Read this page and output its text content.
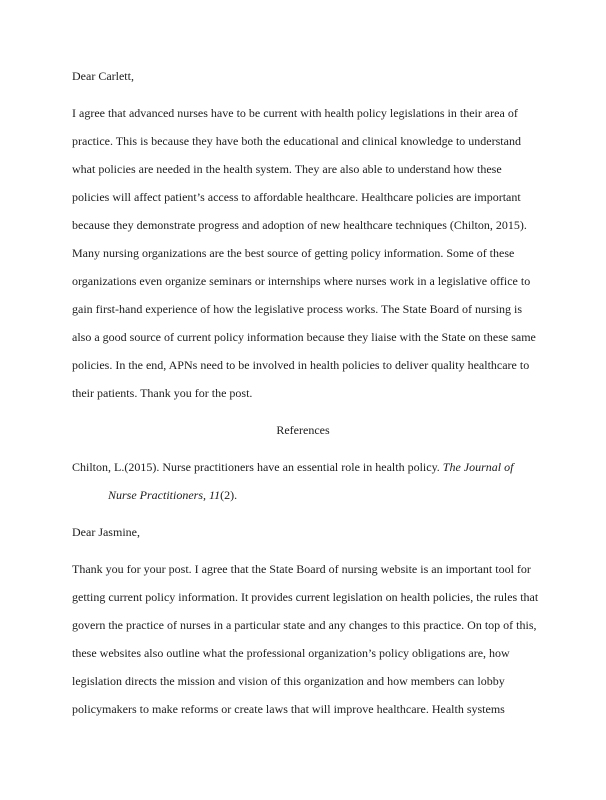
Dear Carlett,
I agree that advanced nurses have to be current with health policy legislations in their area of
practice. This is because they have both the educational and clinical knowledge to understand
what policies are needed in the health system. They are also able to understand how these
policies will affect patient’s access to affordable healthcare. Healthcare policies are important
because they demonstrate progress and adoption of new healthcare techniques (Chilton, 2015).
Many nursing organizations are the best source of getting policy information. Some of these
organizations even organize seminars or internships where nurses work in a legislative office to
gain first-hand experience of how the legislative process works. The State Board of nursing is
also a good source of current policy information because they liaise with the State on these same
policies. In the end, APNs need to be involved in health policies to deliver quality healthcare to
their patients. Thank you for the post.
References
Chilton, L.(2015). Nurse practitioners have an essential role in health policy. The Journal of
Nurse Practitioners, 11(2).
Dear Jasmine,
Thank you for your post. I agree that the State Board of nursing website is an important tool for
getting current policy information. It provides current legislation on health policies, the rules that
govern the practice of nurses in a particular state and any changes to this practice. On top of this,
these websites also outline what the professional organization’s policy obligations are, how
legislation directs the mission and vision of this organization and how members can lobby
policymakers to make reforms or create laws that will improve healthcare. Health systems
